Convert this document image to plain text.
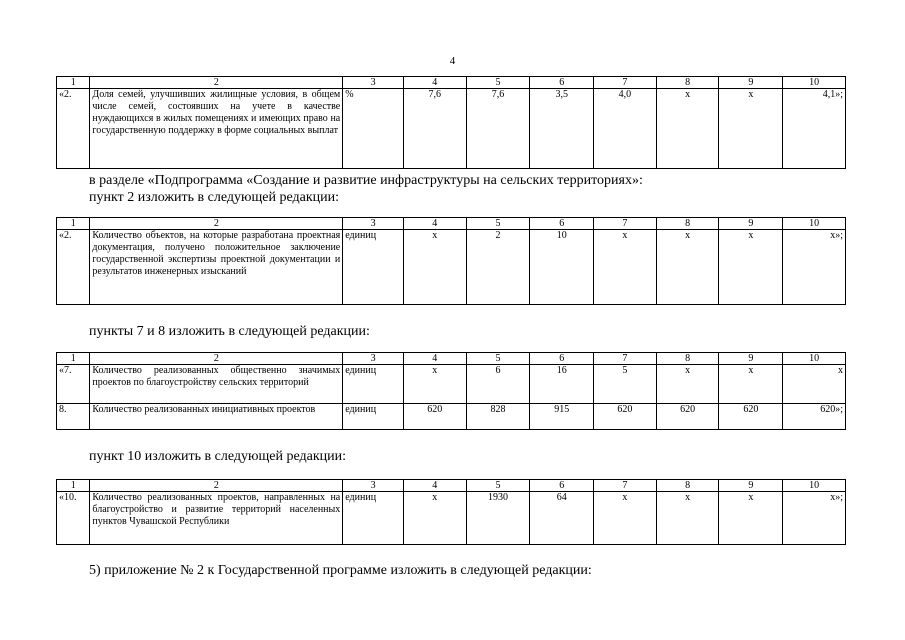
4
1	2	3	4	5	6	7	8	9	10
«2.	Доля семей, улучшивших жилищные условия, в общем числе семей, состоявших на учете в качестве нуждающихся в жилых помещениях и имеющих право на государственную поддержку в форме социальных выплат	%	7,6	7,6	3,5	4,0	х	х	4,1»;
в разделе «Подпрограмма «Создание и развитие инфраструктуры на сельских территориях»:
пункт 2 изложить в следующей редакции:
1	2	3	4	5	6	7	8	9	10
«2.	Количество объектов, на которые разработана проектная документация, получено положительное заключение государственной экспертизы проектной документации и результатов инженерных изысканий	единиц	х	2	10	х	х	х	х»;
пункты 7 и 8 изложить в следующей редакции:
1	2	3	4	5	6	7	8	9	10
«7.	Количество реализованных общественно значимых проектов по благоустройству сельских территорий	единиц	х	6	16	5	х	х	х
8.	Количество реализованных инициативных проектов	единиц	620	828	915	620	620	620	620»;
пункт 10 изложить в следующей редакции:
1	2	3	4	5	6	7	8	9	10
«10.	Количество реализованных проектов, направленных на благоустройство и развитие территорий населенных пунктов Чувашской Республики	единиц	х	1930	64	х	х	х	х»;
5) приложение № 2 к Государственной программе изложить в следующей редакции:
